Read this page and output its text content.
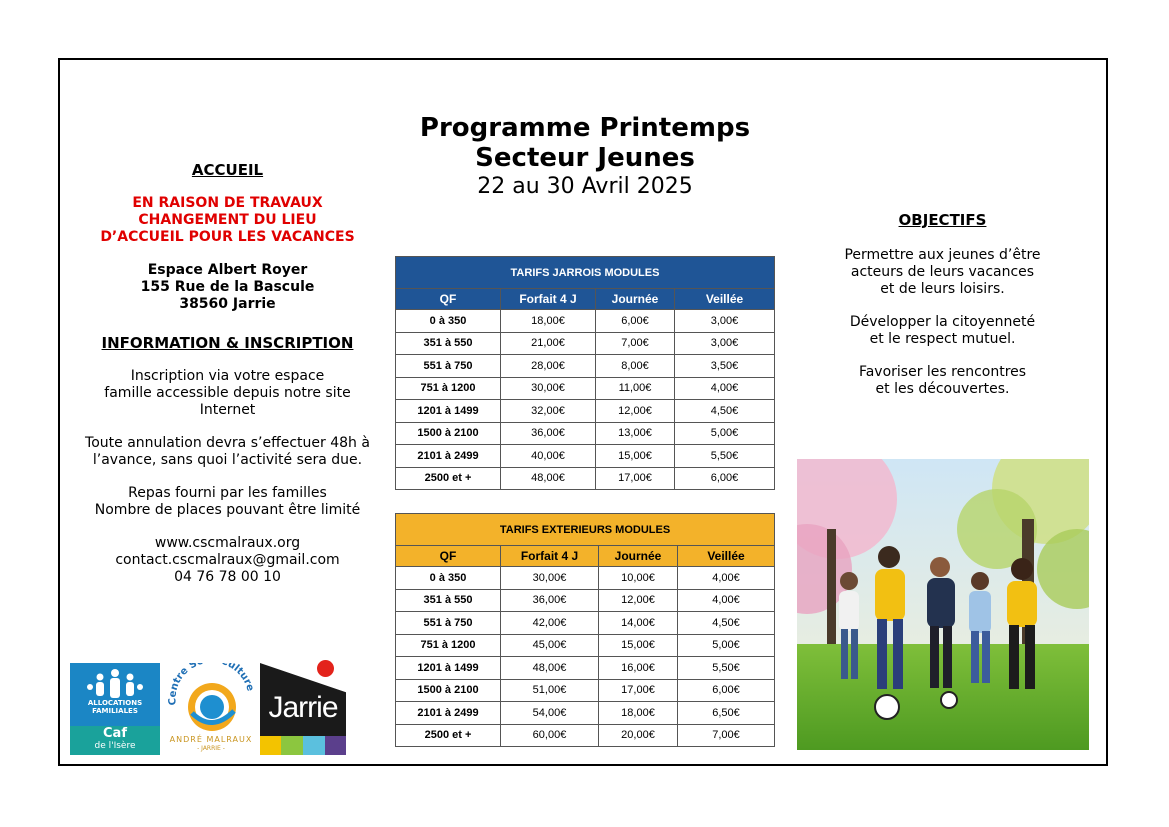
Programme Printemps
Secteur Jeunes
22 au 30 Avril 2025
ACCUEIL
EN RAISON DE TRAVAUX
CHANGEMENT DU LIEU
D’ACCUEIL POUR LES VACANCES
Espace Albert Royer
155 Rue de la Bascule
38560 Jarrie
INFORMATION & INSCRIPTION
Inscription via votre espace
famille accessible depuis notre site
Internet
Toute annulation devra s’effectuer 48h à
l’avance, sans quoi l’activité sera due.
Repas fourni par les familles
Nombre de places pouvant être limité
www.cscmalraux.org
contact.cscmalraux@gmail.com
04 76 78 00 10
TARIFS JARROIS MODULES			
QF	Forfait 4 J	Journée	Veillée
0 à 350	18,00€	6,00€	3,00€
351 à 550	21,00€	7,00€	3,00€
551 à 750	28,00€	8,00€	3,50€
751 à 1200	30,00€	11,00€	4,00€
1201 à 1499	32,00€	12,00€	4,50€
1500 à 2100	36,00€	13,00€	5,00€
2101 à 2499	40,00€	15,00€	5,50€
2500 et +	48,00€	17,00€	6,00€
TARIFS EXTERIEURS MODULES			
QF	Forfait 4 J	Journée	Veillée
0 à 350	30,00€	10,00€	4,00€
351 à 550	36,00€	12,00€	4,00€
551 à 750	42,00€	14,00€	4,50€
751 à 1200	45,00€	15,00€	5,00€
1201 à 1499	48,00€	16,00€	5,50€
1500 à 2100	51,00€	17,00€	6,00€
2101 à 2499	54,00€	18,00€	6,50€
2500 et +	60,00€	20,00€	7,00€
OBJECTIFS
Permettre aux jeunes d’être
acteurs de leurs vacances
et de leurs loisirs.
Développer la citoyenneté
et le respect mutuel.
Favoriser les rencontres
et les découvertes.
ALLOCATIONS FAMILIALES
Caf
de l'Isère
Centre S ulture
ANDRÉ MALRAUX
- JARRIE -
Jarrie
